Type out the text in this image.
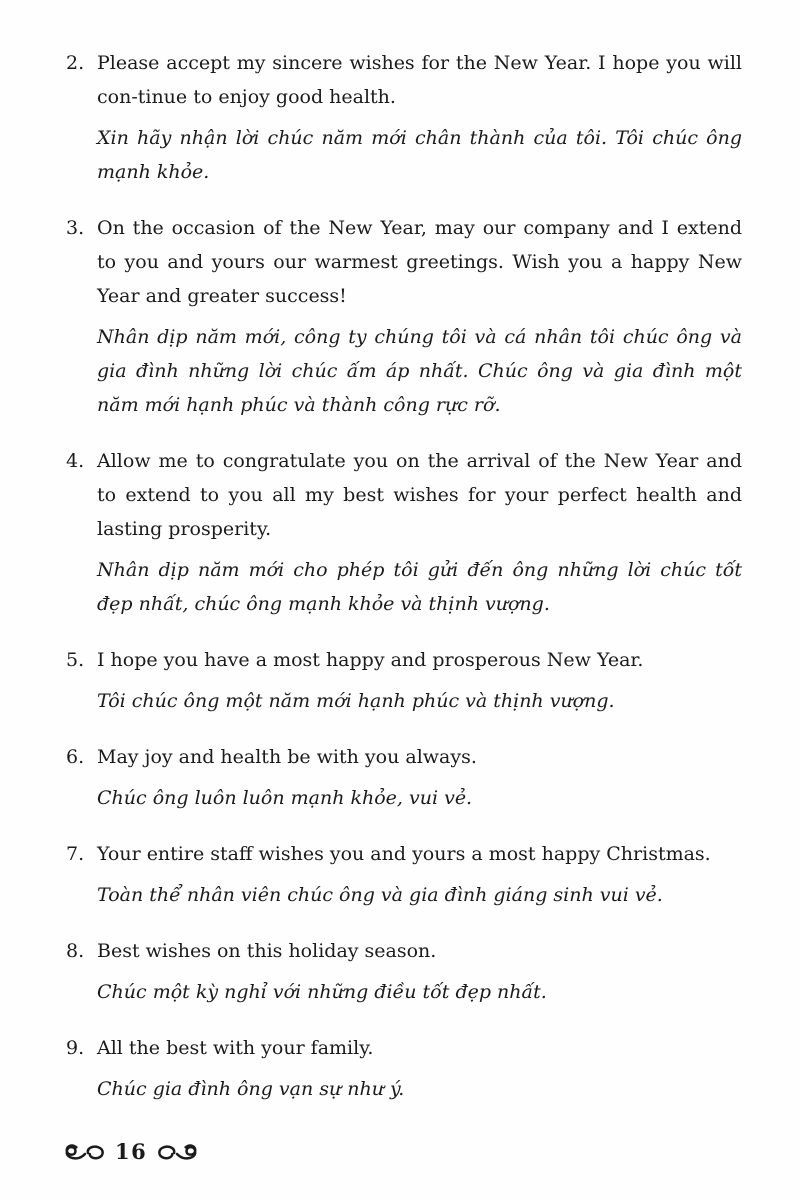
2. Please accept my sincere wishes for the New Year. I hope you will con-tinue to enjoy good health.

Xin hãy nhận lời chúc năm mới chân thành của tôi. Tôi chúc ông mạnh khỏe.

3. On the occasion of the New Year, may our company and I extend to you and yours our warmest greetings. Wish you a happy New Year and greater success!

Nhân dịp năm mới, công ty chúng tôi và cá nhân tôi chúc ông và gia đình những lời chúc ấm áp nhất. Chúc ông và gia đình một năm mới hạnh phúc và thành công rực rỡ.

4. Allow me to congratulate you on the arrival of the New Year and to extend to you all my best wishes for your perfect health and lasting prosperity.

Nhân dịp năm mới cho phép tôi gửi đến ông những lời chúc tốt đẹp nhất, chúc ông mạnh khỏe và thịnh vượng.

5. I hope you have a most happy and prosperous New Year.

Tôi chúc ông một năm mới hạnh phúc và thịnh vượng.

6. May joy and health be with you always.

Chúc ông luôn luôn mạnh khỏe, vui vẻ.

7. Your entire staff wishes you and yours a most happy Christmas.

Toàn thể nhân viên chúc ông và gia đình giáng sinh vui vẻ.

8. Best wishes on this holiday season.

Chúc một kỳ nghỉ với những điều tốt đẹp nhất.

9. All the best with your family.

Chúc gia đình ông vạn sự như ý.

16
